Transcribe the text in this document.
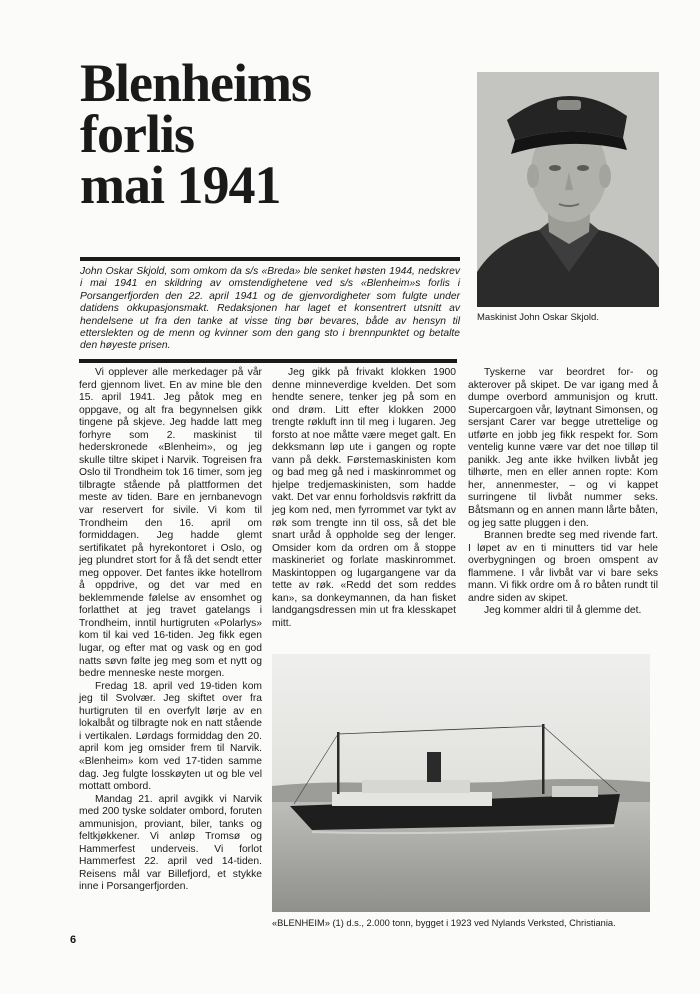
Blenheims
forlis
mai 1941
John Oskar Skjold, som omkom da s/s «Breda» ble senket høsten 1944, nedskrev i mai 1941 en skildring av omstendighetene ved s/s «Blenheim»s forlis i Porsangerfjorden den 22. april 1941 og de gjenvordigheter som fulgte under datidens okkupasjonsmakt. Redaksjonen har laget et konsentrert utsnitt av hendelsene ut fra den tanke at visse ting bør bevares, både av hensyn til etterslekten og de menn og kvinner som den gang sto i brennpunktet og betalte den høyeste prisen.
Maskinist John Oskar Skjold.

Vi opplever alle merkedager på vår ferd gjennom livet. En av mine ble den 15. april 1941. Jeg påtok meg en oppgave, og alt fra begynnelsen gikk tingene på skjeve. Jeg hadde latt meg forhyre som 2. maskinist til hederskronede «Blenheim», og jeg skulle tiltre skipet i Narvik. Togreisen fra Oslo til Trondheim tok 16 timer, som jeg tilbragte stående på plattformen det meste av tiden. Bare en jernbanevogn var reservert for sivile. Vi kom til Trondheim den 16. april om formiddagen. Jeg hadde glemt sertifikatet på hyrekontoret i Oslo, og jeg plundret stort for å få det sendt etter meg oppover. Det fantes ikke hotellrom å oppdrive, og det var med en beklemmende følelse av ensomhet og forlatthet at jeg travet gatelangs i Trondheim, inntil hurtigruten «Polarlys» kom til kai ved 16-tiden. Jeg fikk egen lugar, og efter mat og vask og en god natts søvn følte jeg meg som et nytt og bedre menneske neste morgen.

Fredag 18. april ved 19-tiden kom jeg til Svolvær. Jeg skiftet over fra hurtigruten til en overfylt lørje av en lokalbåt og tilbragte nok en natt stående i vertikalen. Lørdags formiddag den 20. april kom jeg omsider frem til Narvik. «Blenheim» kom ved 17-tiden samme dag. Jeg fulgte losskøyten ut og ble vel mottatt ombord.

Mandag 21. april avgikk vi Narvik med 200 tyske soldater ombord, foruten ammunisjon, proviant, biler, tanks og feltkjøkkener. Vi anløp Tromsø og Hammerfest underveis. Vi forlot Hammerfest 22. april ved 14-tiden. Reisens mål var Billefjord, et stykke inne i Porsangerfjorden.

Jeg gikk på frivakt klokken 1900 denne minneverdige kvelden. Det som hendte senere, tenker jeg på som en ond drøm. Litt efter klokken 2000 trengte røkluft inn til meg i lugaren. Jeg forsto at noe måtte være meget galt. En dekksmann løp ute i gangen og ropte vann på dekk. Førstemaskinisten kom og bad meg gå ned i maskinrommet og hjelpe tredjemaskinisten, som hadde vakt. Det var ennu forholdsvis røkfritt da jeg kom ned, men fyrrommet var tykt av røk som trengte inn til oss, så det ble snart uråd å oppholde seg der lenger. Omsider kom da ordren om å stoppe maskineriet og forlate maskinrommet. Maskintoppen og lugargangene var da tette av røk. «Redd det som reddes kan», sa donkeymannen, da han fisket landgangsdressen min ut fra klesskapet mitt.

Tyskerne var beordret for- og akterover på skipet. De var igang med å dumpe overbord ammunisjon og krutt. Supercargoen vår, løytnant Simonsen, og sersjant Carer var begge utrettelige og utførte en jobb jeg fikk respekt for. Som ventelig kunne være var det noe tilløp til panikk. Jeg ante ikke hvilken livbåt jeg tilhørte, men en eller annen ropte: Kom her, annenmester, – og vi kappet surringene til livbåt nummer seks. Båtsmann og en annen mann lårte båten, og jeg satte pluggen i den.

Brannen bredte seg med rivende fart. I løpet av en ti minutters tid var hele overbygningen og broen omspent av flammene. I vår livbåt var vi bare seks mann. Vi fikk ordre om å ro båten rundt til andre siden av skipet.

Jeg kommer aldri til å glemme det.

«BLENHEIM» (1) d.s., 2.000 tonn, bygget i 1923 ved Nylands Verksted, Christiania.
6
